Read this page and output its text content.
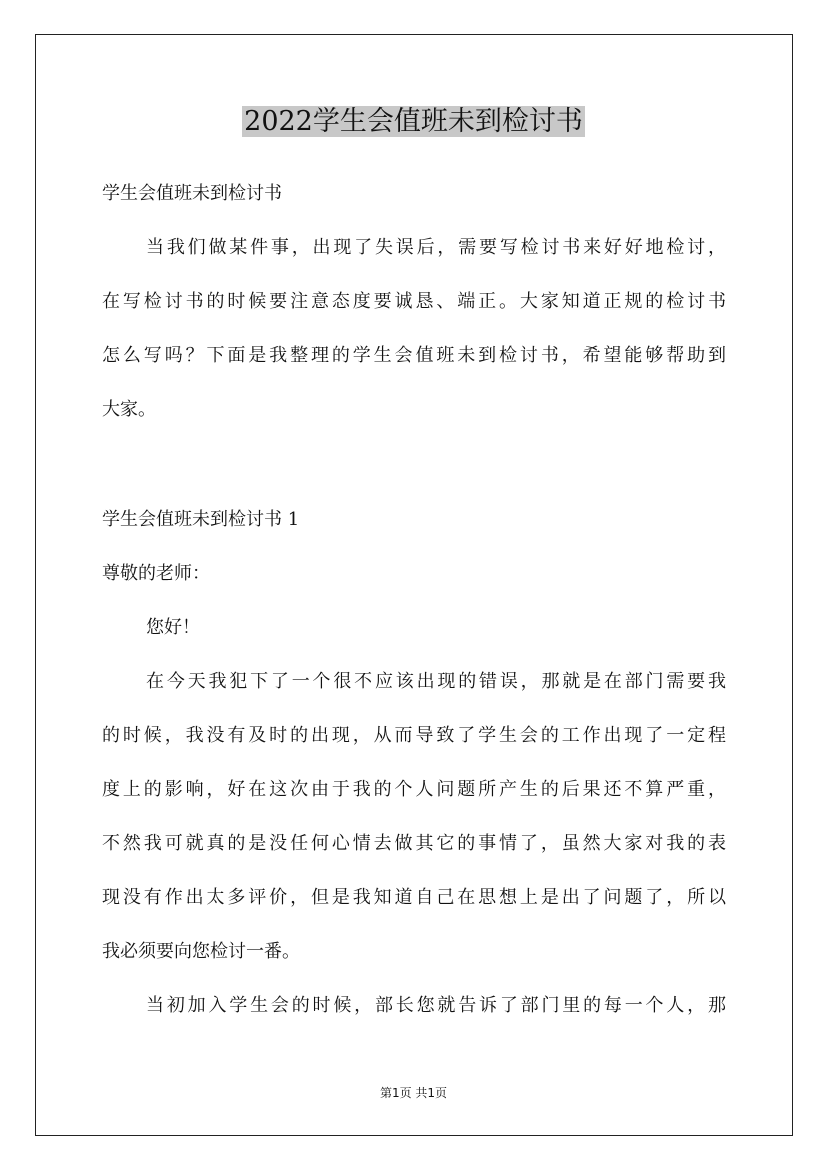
2022学生会值班未到检讨书

学生会值班未到检讨书

当我们做某件事，出现了失误后，需要写检讨书来好好地检讨，

在写检讨书的时候要注意态度要诚恳、端正。大家知道正规的检讨书

怎么写吗？下面是我整理的学生会值班未到检讨书，希望能够帮助到

大家。

学生会值班未到检讨书 1

尊敬的老师：

您好！

在今天我犯下了一个很不应该出现的错误，那就是在部门需要我

的时候，我没有及时的出现，从而导致了学生会的工作出现了一定程

度上的影响，好在这次由于我的个人问题所产生的后果还不算严重，

不然我可就真的是没任何心情去做其它的事情了，虽然大家对我的表

现没有作出太多评价，但是我知道自己在思想上是出了问题了，所以

我必须要向您检讨一番。

当初加入学生会的时候，部长您就告诉了部门里的每一个人，那

第1页 共1页
